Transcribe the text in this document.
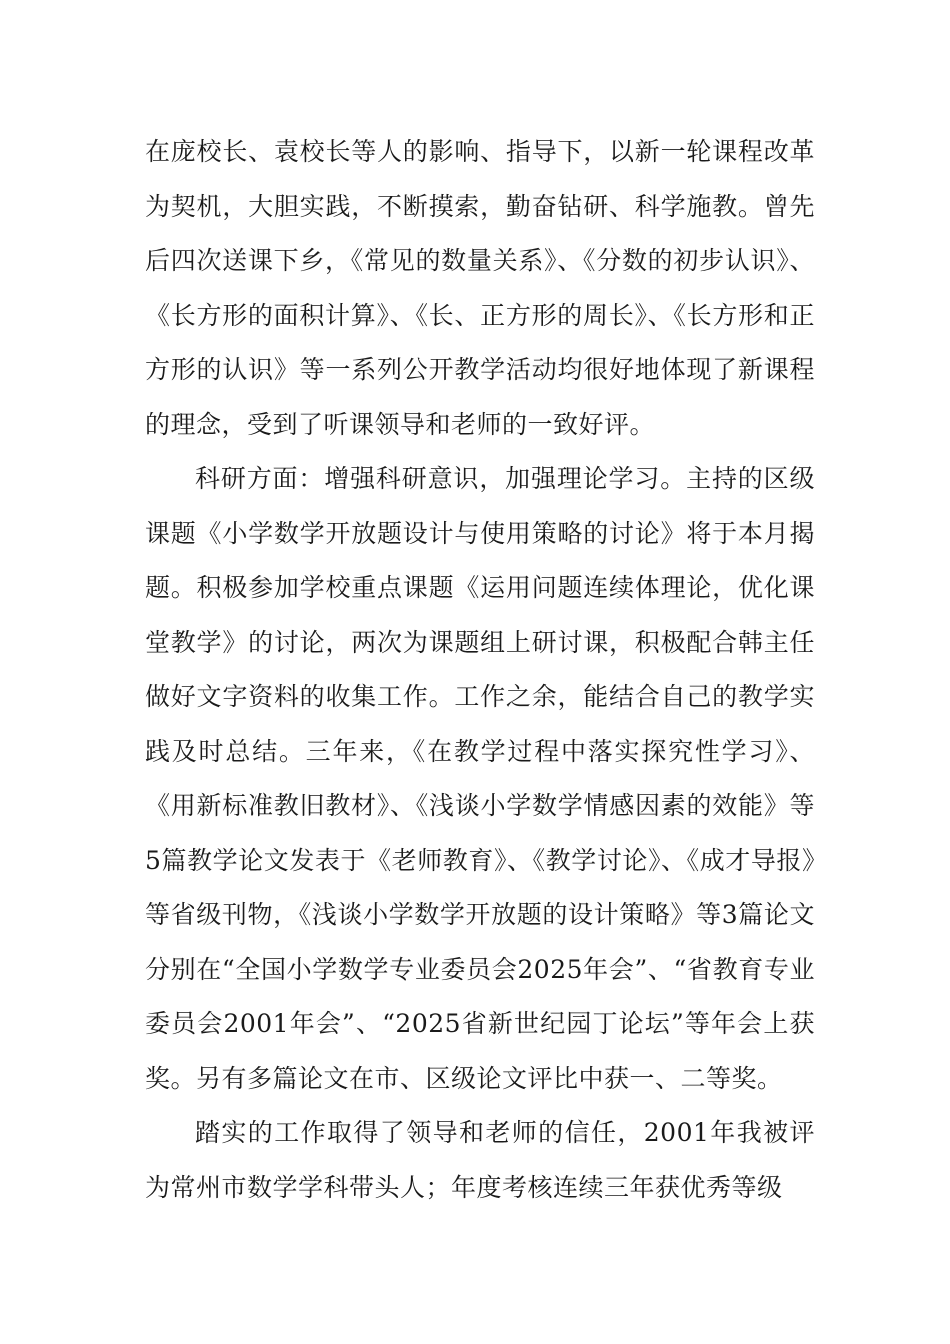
在庞校长、袁校长等人的影响、指导下，以新一轮课程改革为契机，大胆实践，不断摸索，勤奋钻研、科学施教。曾先后四次送课下乡，《常见的数量关系》、《分数的初步认识》、《长方形的面积计算》、《长、正方形的周长》、《长方形和正方形的认识》等一系列公开教学活动均很好地体现了新课程的理念，受到了听课领导和老师的一致好评。

科研方面：增强科研意识，加强理论学习。主持的区级课题《小学数学开放题设计与使用策略的讨论》将于本月揭题。积极参加学校重点课题《运用问题连续体理论，优化课堂教学》的讨论，两次为课题组上研讨课，积极配合韩主任做好文字资料的收集工作。工作之余，能结合自己的教学实践及时总结。三年来，《在教学过程中落实探究性学习》、《用新标准教旧教材》、《浅谈小学数学情感因素的效能》等5篇教学论文发表于《老师教育》、《教学讨论》、《成才导报》等省级刊物，《浅谈小学数学开放题的设计策略》等3篇论文分别在“全国小学数学专业委员会2025年会”、“省教育专业委员会2001年会”、“2025省新世纪园丁论坛”等年会上获奖。另有多篇论文在市、区级论文评比中获一、二等奖。

踏实的工作取得了领导和老师的信任，2001年我被评为常州市数学学科带头人；年度考核连续三年获优秀等级
